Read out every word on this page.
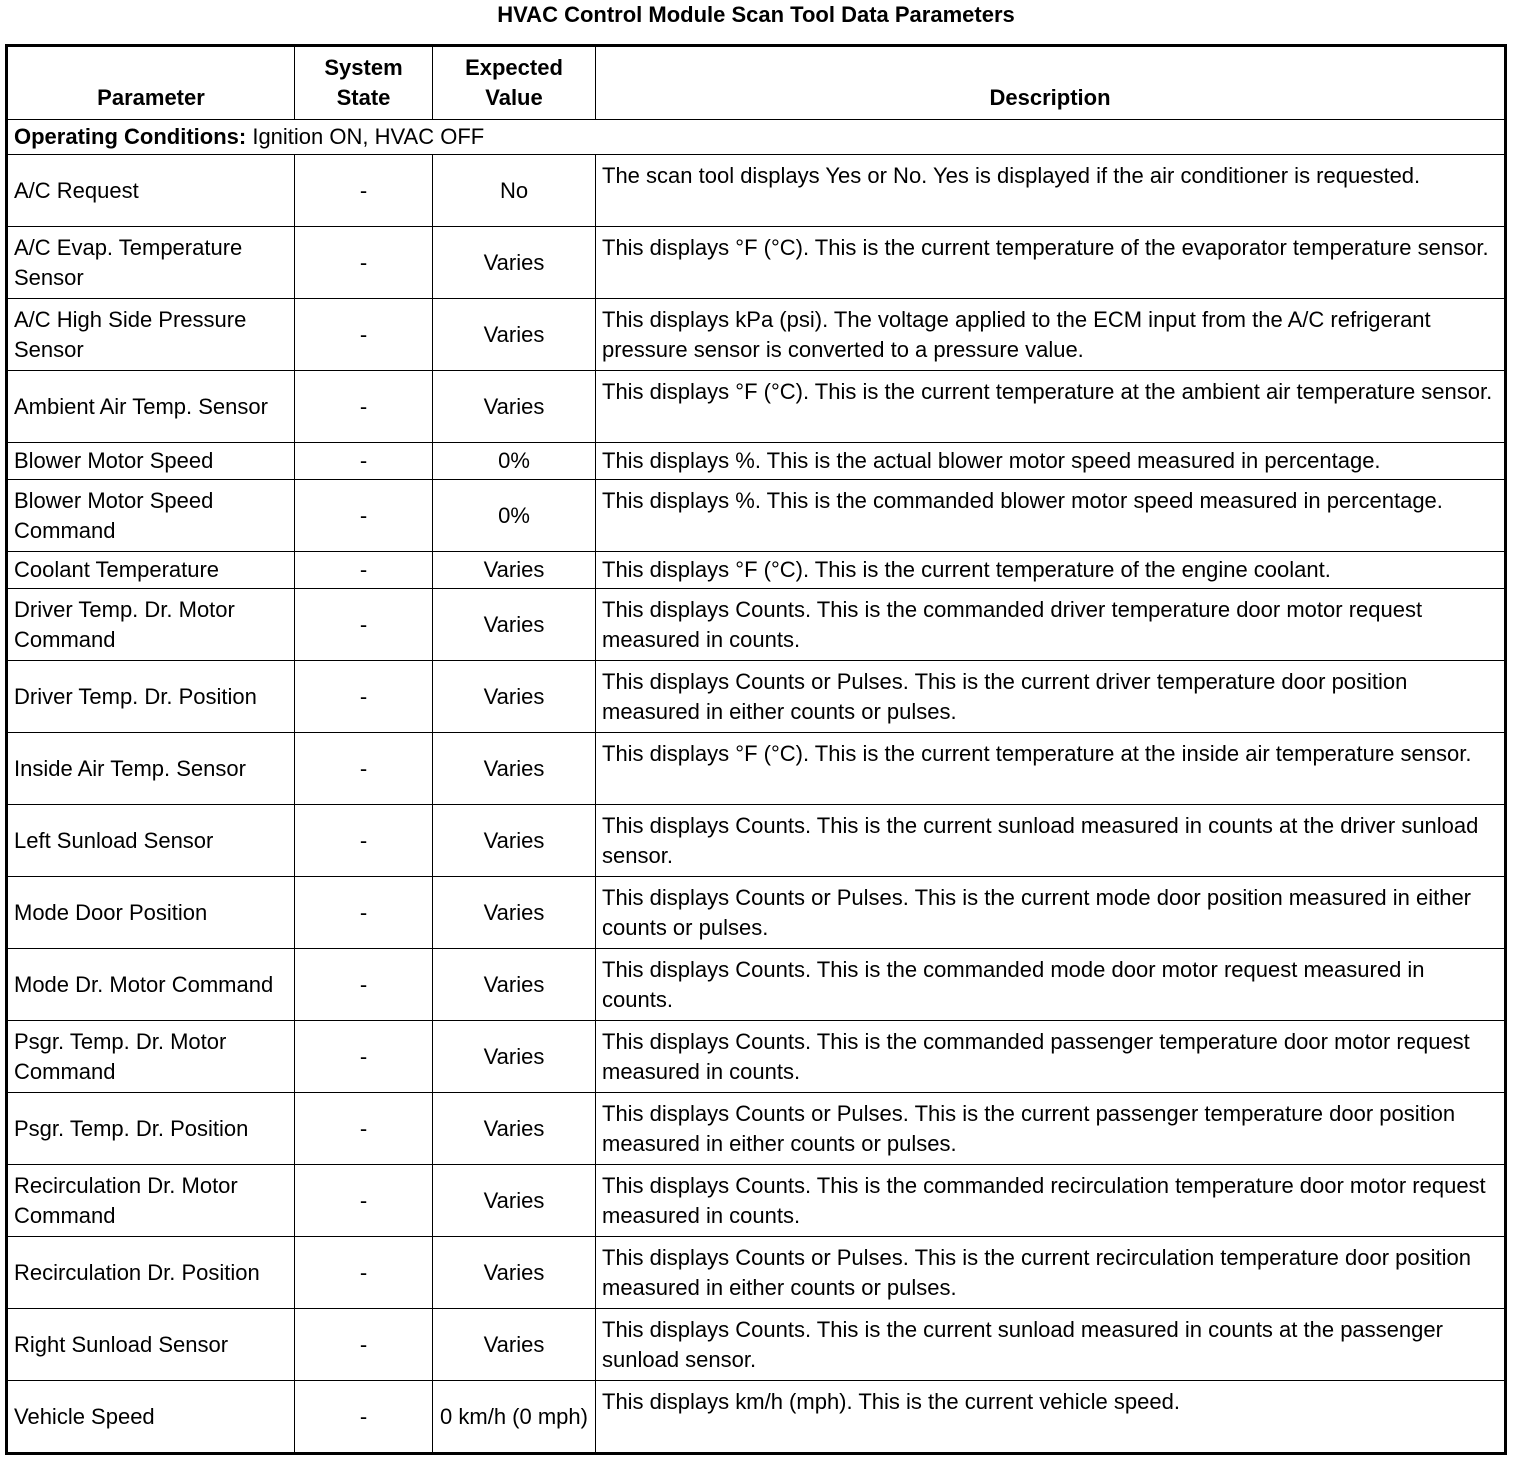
HVAC Control Module Scan Tool Data Parameters
Parameter	System State	Expected Value	Description
Operating Conditions: Ignition ON, HVAC OFF			
A/C Request	-	No	The scan tool displays Yes or No. Yes is displayed if the air conditioner is requested.
A/C Evap. Temperature Sensor	-	Varies	This displays °F (°C). This is the current temperature of the evaporator temperature sensor.
A/C High Side Pressure Sensor	-	Varies	This displays kPa (psi). The voltage applied to the ECM input from the A/C refrigerant pressure sensor is converted to a pressure value.
Ambient Air Temp. Sensor	-	Varies	This displays °F (°C). This is the current temperature at the ambient air temperature sensor.
Blower Motor Speed	-	0%	This displays %. This is the actual blower motor speed measured in percentage.
Blower Motor Speed Command	-	0%	This displays %. This is the commanded blower motor speed measured in percentage.
Coolant Temperature	-	Varies	This displays °F (°C). This is the current temperature of the engine coolant.
Driver Temp. Dr. Motor Command	-	Varies	This displays Counts. This is the commanded driver temperature door motor request measured in counts.
Driver Temp. Dr. Position	-	Varies	This displays Counts or Pulses. This is the current driver temperature door position measured in either counts or pulses.
Inside Air Temp. Sensor	-	Varies	This displays °F (°C). This is the current temperature at the inside air temperature sensor.
Left Sunload Sensor	-	Varies	This displays Counts. This is the current sunload measured in counts at the driver sunload sensor.
Mode Door Position	-	Varies	This displays Counts or Pulses. This is the current mode door position measured in either counts or pulses.
Mode Dr. Motor Command	-	Varies	This displays Counts. This is the commanded mode door motor request measured in counts.
Psgr. Temp. Dr. Motor Command	-	Varies	This displays Counts. This is the commanded passenger temperature door motor request measured in counts.
Psgr. Temp. Dr. Position	-	Varies	This displays Counts or Pulses. This is the current passenger temperature door position measured in either counts or pulses.
Recirculation Dr. Motor Command	-	Varies	This displays Counts. This is the commanded recirculation temperature door motor request measured in counts.
Recirculation Dr. Position	-	Varies	This displays Counts or Pulses. This is the current recirculation temperature door position measured in either counts or pulses.
Right Sunload Sensor	-	Varies	This displays Counts. This is the current sunload measured in counts at the passenger sunload sensor.
Vehicle Speed	-	0 km/h (0 mph)	This displays km/h (mph). This is the current vehicle speed.
